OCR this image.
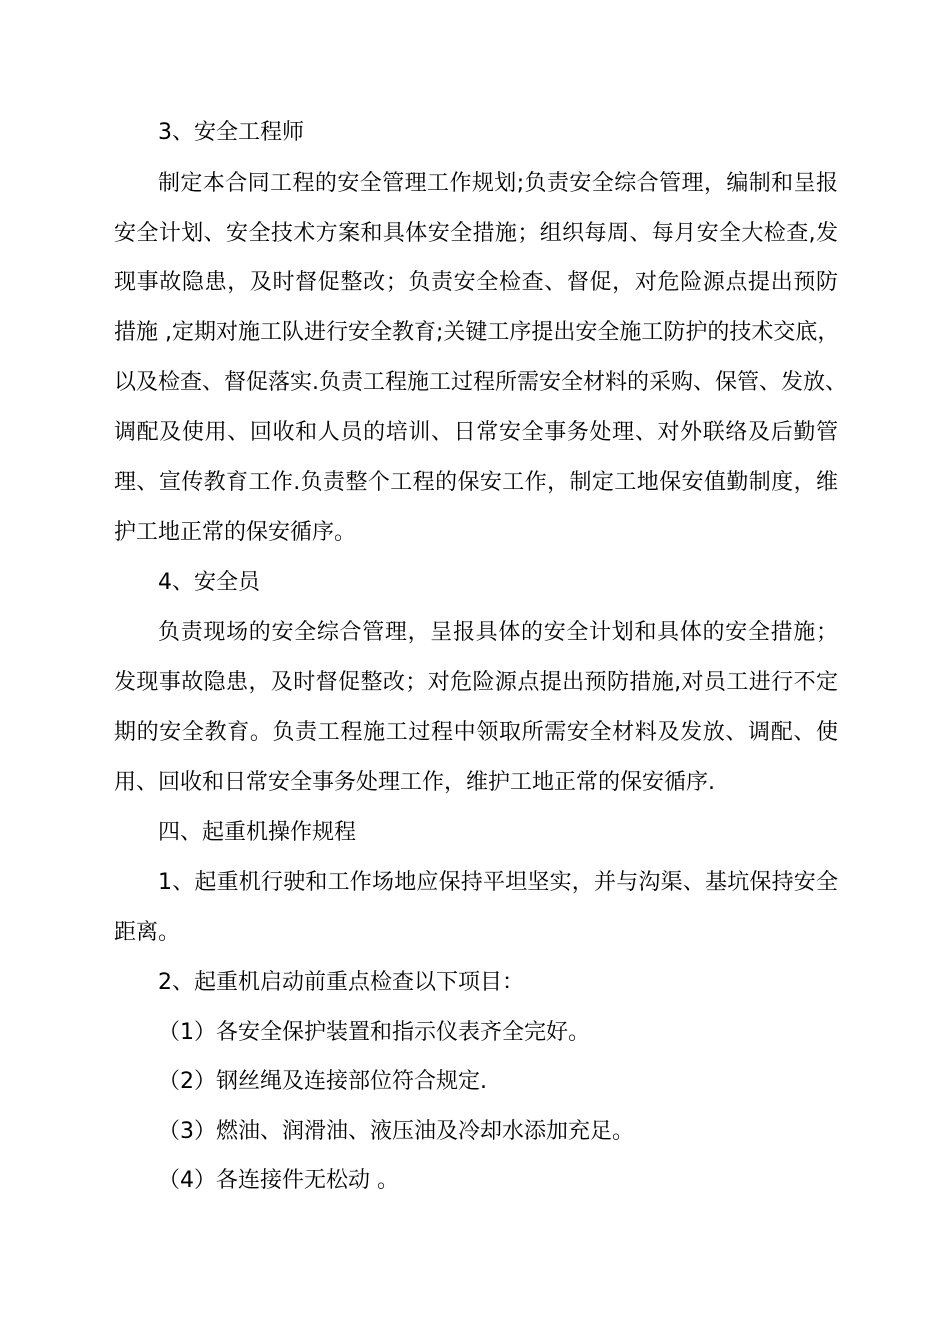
3、安全工程师
制定本合同工程的安全管理工作规划;负责安全综合管理，编制和呈报
安全计划、安全技术方案和具体安全措施；组织每周、每月安全大检查,发
现事故隐患，及时督促整改；负责安全检查、督促，对危险源点提出预防
措施 ,定期对施工队进行安全教育;关键工序提出安全施工防护的技术交底，
以及检查、督促落实.负责工程施工过程所需安全材料的采购、保管、发放、
调配及使用、回收和人员的培训、日常安全事务处理、对外联络及后勤管
理、宣传教育工作.负责整个工程的保安工作，制定工地保安值勤制度，维
护工地正常的保安循序。
4、安全员
负责现场的安全综合管理，呈报具体的安全计划和具体的安全措施；
发现事故隐患，及时督促整改；对危险源点提出预防措施,对员工进行不定
期的安全教育。负责工程施工过程中领取所需安全材料及发放、调配、使
用、回收和日常安全事务处理工作，维护工地正常的保安循序.
四、起重机操作规程
1、起重机行驶和工作场地应保持平坦坚实，并与沟渠、基坑保持安全
距离。
2、起重机启动前重点检查以下项目：
（1）各安全保护装置和指示仪表齐全完好。
（2）钢丝绳及连接部位符合规定.
（3）燃油、润滑油、液压油及冷却水添加充足。
（4）各连接件无松动 。
